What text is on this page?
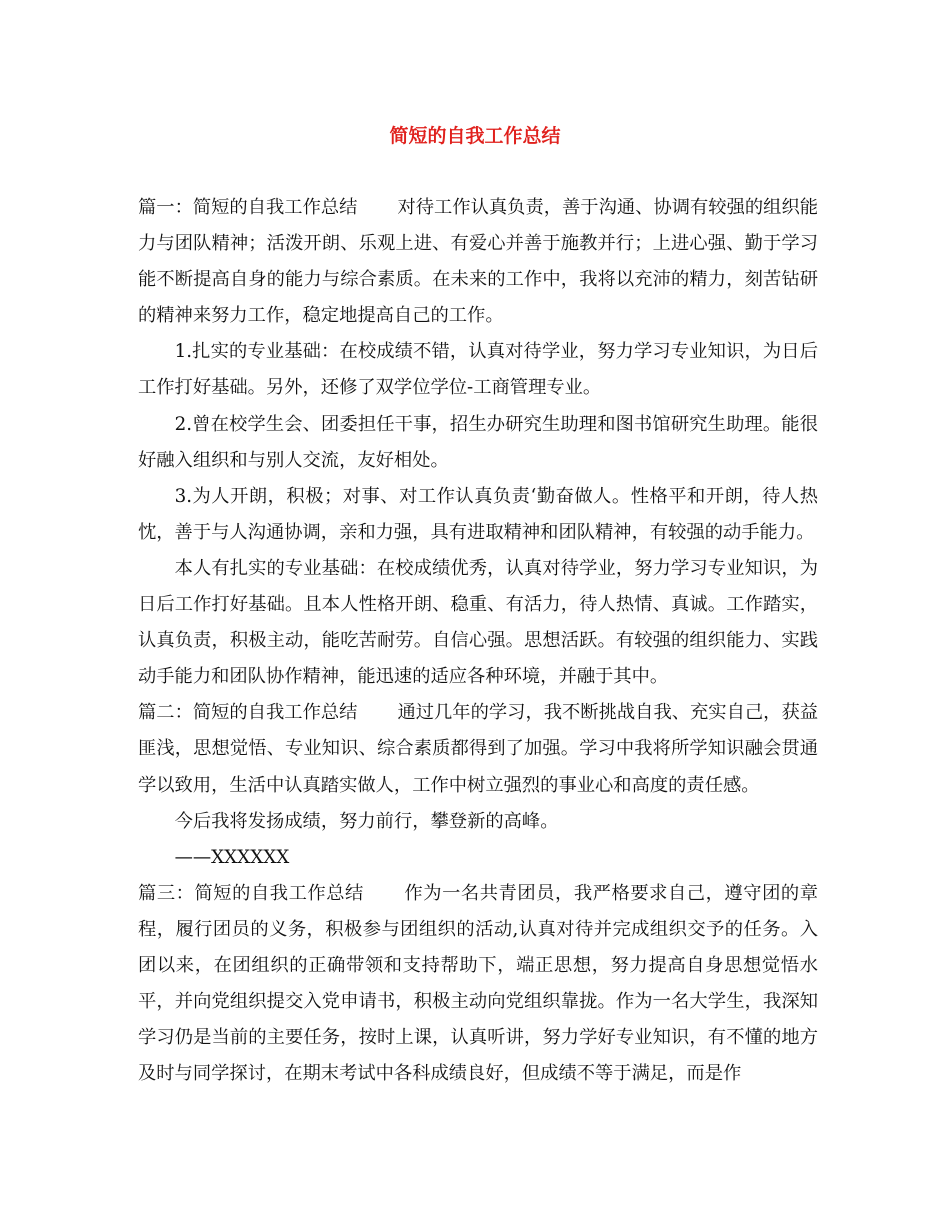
简短的自我工作总结

篇一：简短的自我工作总结 对待工作认真负责，善于沟通、协调有较强的组织能力与团队精神；活泼开朗、乐观上进、有爱心并善于施教并行；上进心强、勤于学习能不断提高自身的能力与综合素质。在未来的工作中，我将以充沛的精力，刻苦钻研的精神来努力工作，稳定地提高自己的工作。

1.扎实的专业基础：在校成绩不错，认真对待学业，努力学习专业知识，为日后工作打好基础。另外，还修了双学位学位-工商管理专业。

2.曾在校学生会、团委担任干事，招生办研究生助理和图书馆研究生助理。能很好融入组织和与别人交流，友好相处。

3.为人开朗，积极；对事、对工作认真负责‘勤奋做人。性格平和开朗，待人热忱，善于与人沟通协调，亲和力强，具有进取精神和团队精神，有较强的动手能力。

本人有扎实的专业基础：在校成绩优秀，认真对待学业，努力学习专业知识，为日后工作打好基础。且本人性格开朗、稳重、有活力，待人热情、真诚。工作踏实，认真负责，积极主动，能吃苦耐劳。自信心强。思想活跃。有较强的组织能力、实践动手能力和团队协作精神，能迅速的适应各种环境，并融于其中。

篇二：简短的自我工作总结 通过几年的学习，我不断挑战自我、充实自己，获益匪浅，思想觉悟、专业知识、综合素质都得到了加强。学习中我将所学知识融会贯通学以致用，生活中认真踏实做人，工作中树立强烈的事业心和高度的责任感。

今后我将发扬成绩，努力前行，攀登新的高峰。

——XXXXXX

篇三：简短的自我工作总结 作为一名共青团员，我严格要求自己，遵守团的章程，履行团员的义务，积极参与团组织的活动,认真对待并完成组织交予的任务。入团以来，在团组织的正确带领和支持帮助下，端正思想，努力提高自身思想觉悟水平，并向党组织提交入党申请书，积极主动向党组织靠拢。作为一名大学生，我深知学习仍是当前的主要任务，按时上课，认真听讲，努力学好专业知识，有不懂的地方及时与同学探讨，在期末考试中各科成绩良好，但成绩不等于满足，而是作
